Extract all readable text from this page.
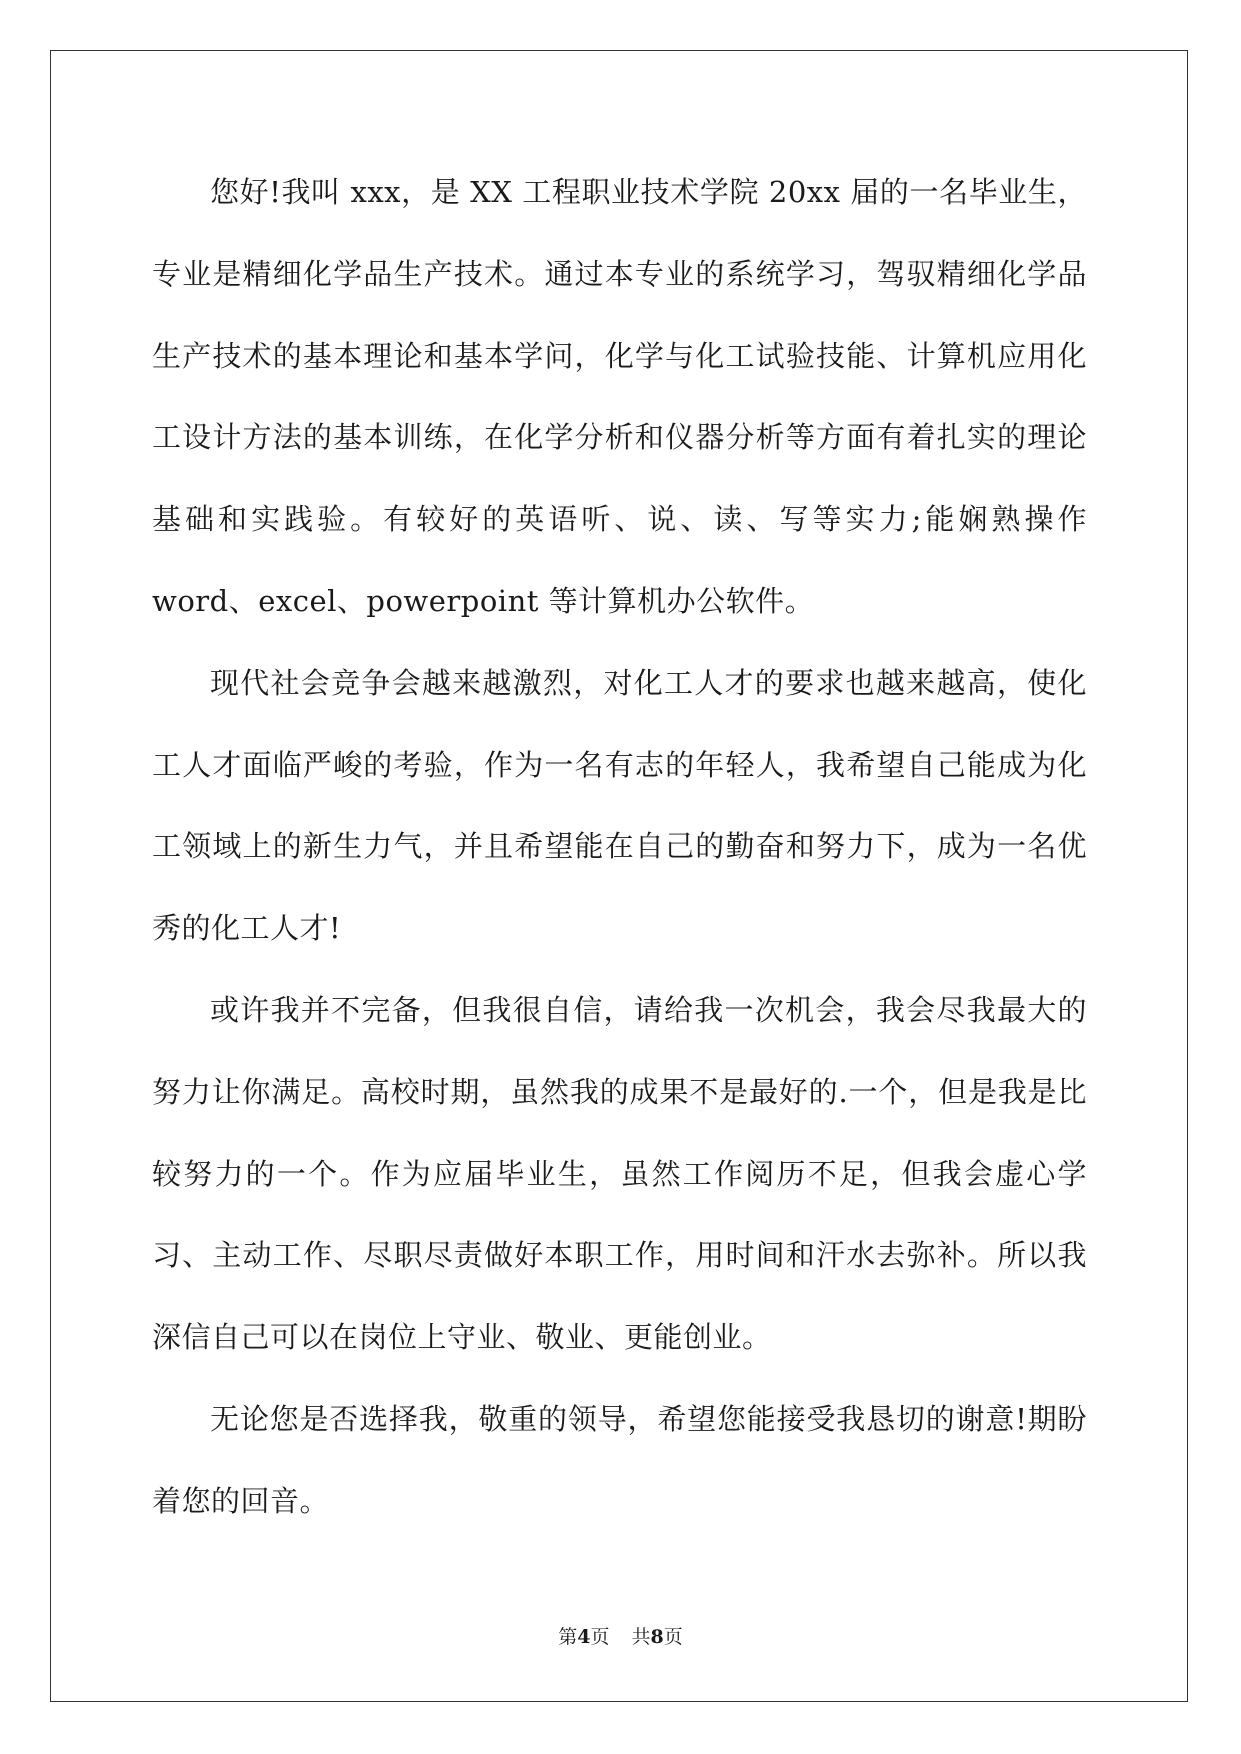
您好!我叫 xxx，是 XX 工程职业技术学院 20xx 届的一名毕业生，专业是精细化学品生产技术。通过本专业的系统学习，驾驭精细化学品生产技术的基本理论和基本学问，化学与化工试验技能、计算机应用化工设计方法的基本训练，在化学分析和仪器分析等方面有着扎实的理论基础和实践验。有较好的英语听、说、读、写等实力;能娴熟操作 word、excel、powerpoint 等计算机办公软件。

现代社会竞争会越来越激烈，对化工人才的要求也越来越高，使化工人才面临严峻的考验，作为一名有志的年轻人，我希望自己能成为化工领域上的新生力气，并且希望能在自己的勤奋和努力下，成为一名优秀的化工人才!

或许我并不完备，但我很自信，请给我一次机会，我会尽我最大的努力让你满足。高校时期，虽然我的成果不是最好的.一个，但是我是比较努力的一个。作为应届毕业生，虽然工作阅历不足，但我会虚心学习、主动工作、尽职尽责做好本职工作，用时间和汗水去弥补。所以我深信自己可以在岗位上守业、敬业、更能创业。

无论您是否选择我，敬重的领导，希望您能接受我恳切的谢意!期盼着您的回音。

第4页 共8页
